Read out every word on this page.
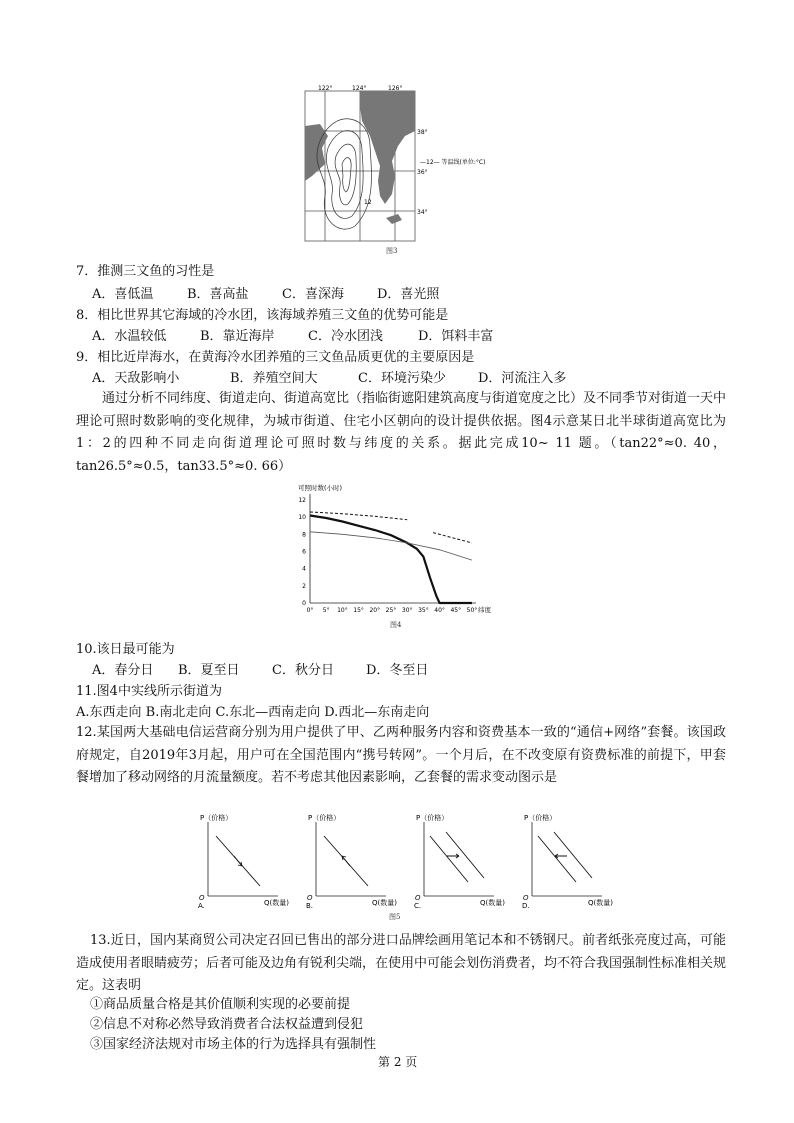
12
122°	124°	126°
38°
36°
34°
—12— 等温线(单位:°C)
图3
7．推测三文鱼的习性是
A．喜低温	B．喜高盐	C．喜深海	D．喜光照
8．相比世界其它海域的冷水团，该海域养殖三文鱼的优势可能是
A．水温较低	B．靠近海岸	C．冷水团浅	D．饵料丰富
9．相比近岸海水，在黄海冷水团养殖的三文鱼品质更优的主要原因是
A．天敌影响小	B．养殖空间大	C．环境污染少 D．河流注入多
通过分析不同纬度、街道走向、街道高宽比（指临街遮阳建筑高度与街道宽度之比）及不同季节对街道一天中理论可照时数影响的变化规律，为城市街道、住宅小区朝向的设计提供依据。图4示意某日北半球街道高宽比为1：2的四种不同走向街道理论可照时数与纬度的关系。据此完成10~ 11 题。（tan22°≈0. 40，tan26.5°≈0.5，tan33.5°≈0. 66）
可照时数(小时)
纬度
0
2
4
6
8
10
12
0° 5° 10° 15° 20° 25° 30° 35° 40° 45° 50°
图4
10.该日最可能为
A．春分日 B．夏至日 C．秋分日 D．冬至日
11.图4中实线所示街道为
A.东西走向 B.南北走向 C.东北—西南走向 D.西北—东南走向
12.某国两大基础电信运营商分别为用户提供了甲、乙两种服务内容和资费基本一致的“通信+网络”套餐。该国政府规定，自2019年3月起，用户可在全国范围内“携号转网”。一个月后，在不改变原有资费标准的前提下，甲套餐增加了移动网络的月流量额度。若不考虑其他因素影响，乙套餐的需求变动图示是
P（价格）
Q(数量)
O
A.
P（价格）
Q(数量)
O
B.
P（价格）
Q(数量)
O
C.
P（价格）
Q(数量)
O
D.
图5
13.近日，国内某商贸公司决定召回已售出的部分进口品牌绘画用笔记本和不锈钢尺。前者纸张亮度过高，可能造成使用者眼睛疲劳；后者可能及边角有锐利尖端，在使用中可能会划伤消费者，均不符合我国强制性标准相关规定。这表明
①商品质量合格是其价值顺利实现的必要前提
②信息不对称必然导致消费者合法权益遭到侵犯
③国家经济法规对市场主体的行为选择具有强制性
第 2 页
